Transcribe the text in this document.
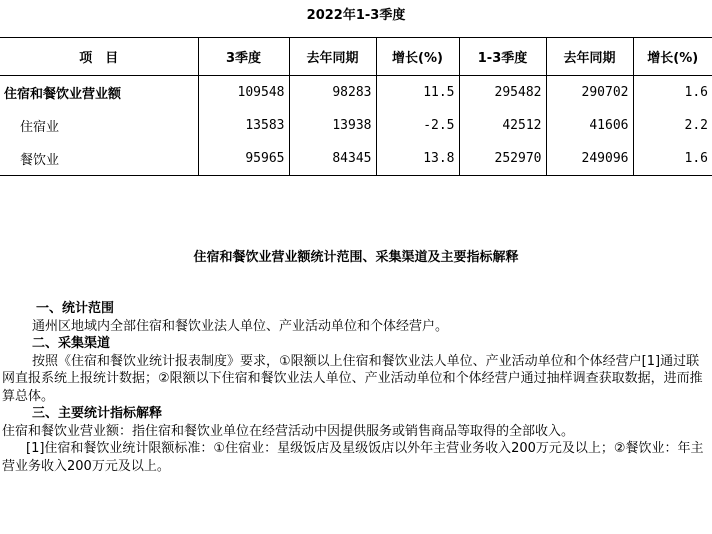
2022年1-3季度
项　目	3季度	去年同期	增长(%)	1-3季度	去年同期	增长(%)
住宿和餐饮业营业额	109548	98283	11.5	295482	290702	1.6
住宿业	13583	13938	-2.5	42512	41606	2.2
餐饮业	95965	84345	13.8	252970	249096	1.6
住宿和餐饮业营业额统计范围、采集渠道及主要指标解释

一、统计范围

通州区地域内全部住宿和餐饮业法人单位、产业活动单位和个体经营户。

二、采集渠道

按照《住宿和餐饮业统计报表制度》要求，①限额以上住宿和餐饮业法人单位、产业活动单位和个体经营户[1]通过联网直报系统上报统计数据；②限额以下住宿和餐饮业法人单位、产业活动单位和个体经营户通过抽样调查获取数据，进而推算总体。

三、主要统计指标解释

住宿和餐饮业营业额：指住宿和餐饮业单位在经营活动中因提供服务或销售商品等取得的全部收入。

[1]住宿和餐饮业统计限额标准：①住宿业：星级饭店及星级饭店以外年主营业务收入200万元及以上；②餐饮业：年主营业务收入200万元及以上。
